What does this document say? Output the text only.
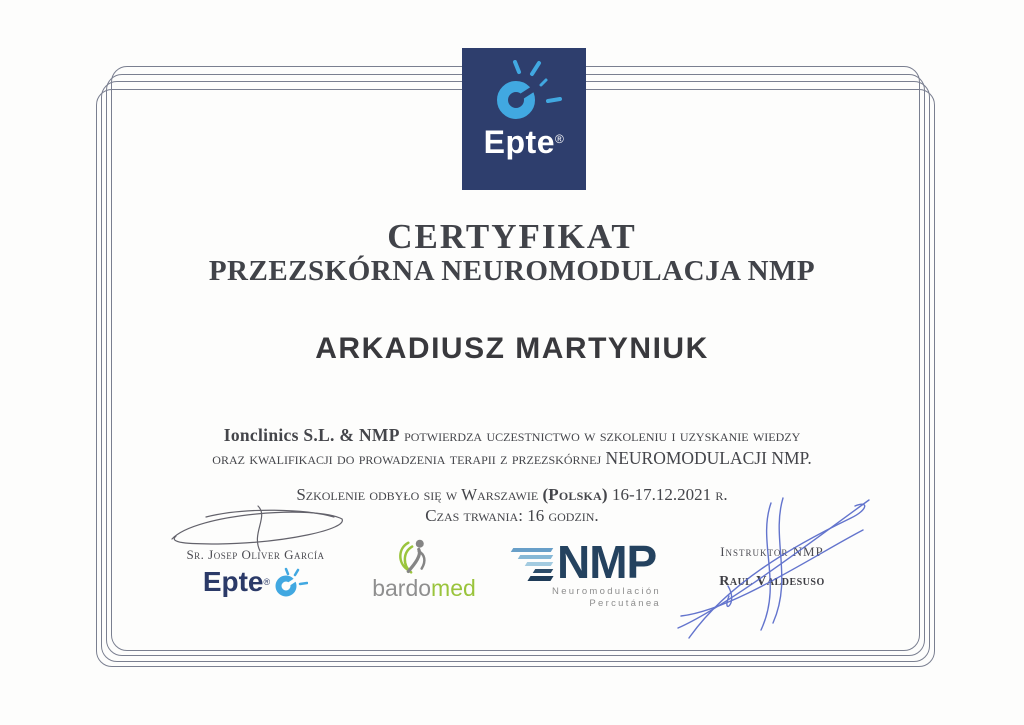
Epte®
CERTYFIKAT
PRZEZSKÓRNA NEUROMODULACJA NMP
ARKADIUSZ MARTYNIUK
Ionclinics S.L. & NMP potwierdza uczestnictwo w szkoleniu i uzyskanie wiedzy
oraz kwalifikacji do prowadzenia terapii z przezskórnej NEUROMODULACJI NMP.
Szkolenie odbyło się w Warszawie (Polska) 16-17.12.2021 r.
Czas trwania: 16 godzin.
Sr. Josep Oliver García
Epte ®	bardomed NMP
Neuromodulación
Percutánea
Instruktor NMP
Raul Valdesuso
